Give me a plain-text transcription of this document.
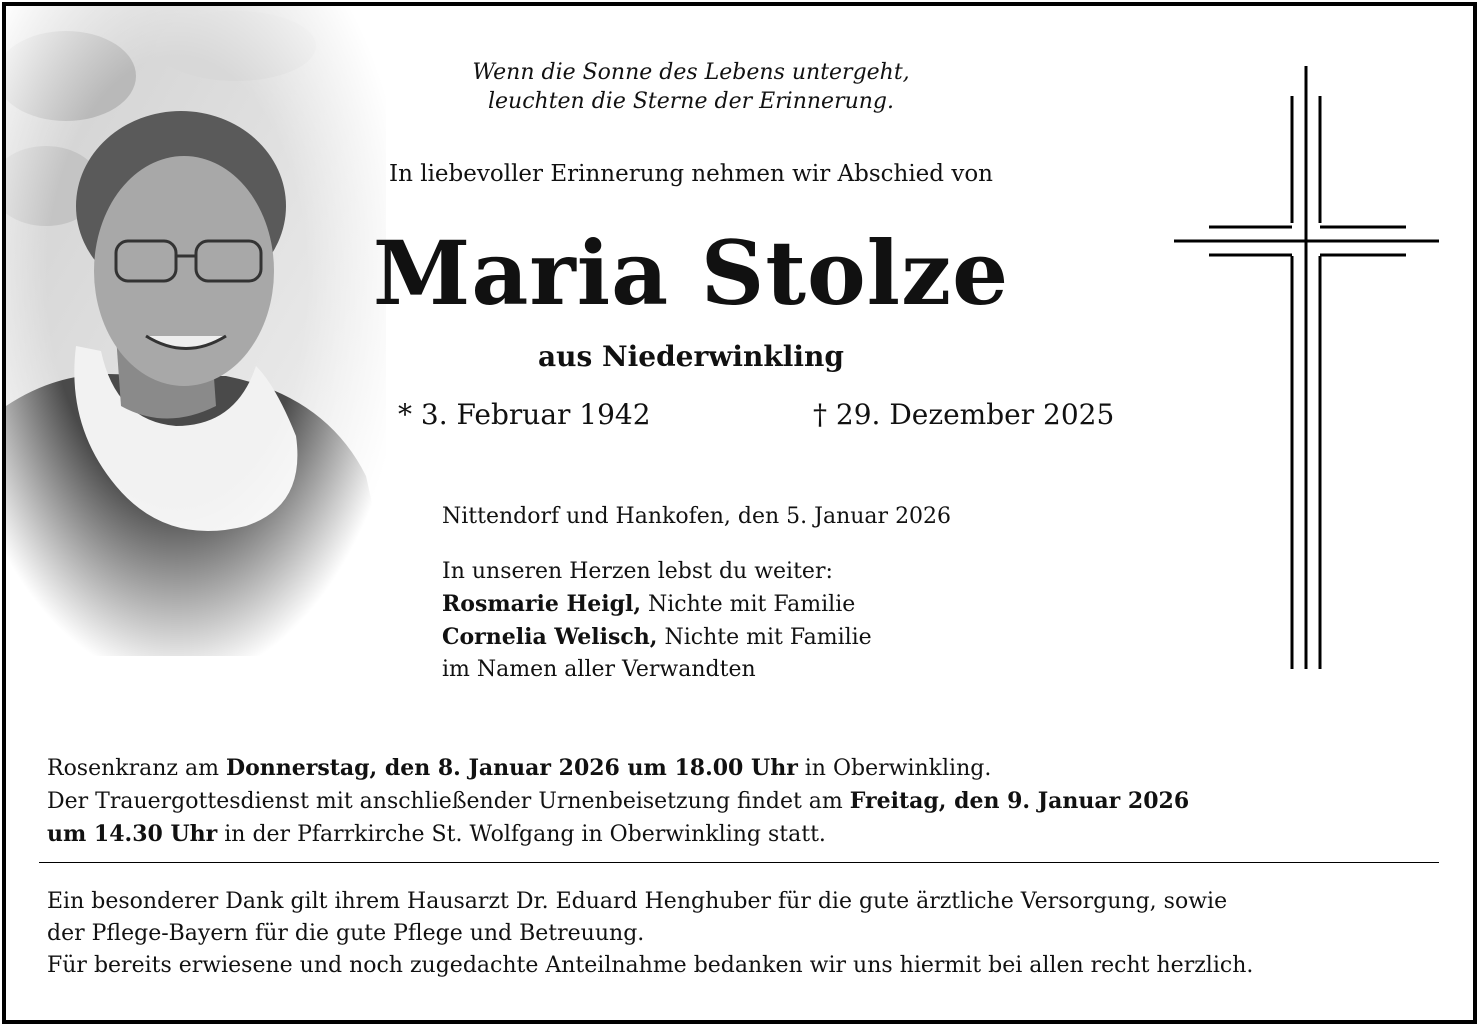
Wenn die Sonne des Lebens untergeht,
leuchten die Sterne der Erinnerung.
In liebevoller Erinnerung nehmen wir Abschied von
Maria Stolze
aus Niederwinkling
* 3. Februar 1942	† 29. Dezember 2025
Nittendorf und Hankofen, den 5. Januar 2026
In unseren Herzen lebst du weiter:
Rosmarie Heigl, Nichte mit Familie
Cornelia Welisch, Nichte mit Familie
im Namen aller Verwandten
Rosenkranz am Donnerstag, den 8. Januar 2026 um 18.00 Uhr in Oberwinkling.
Der Trauergottesdienst mit anschließender Urnenbeisetzung findet am Freitag, den 9. Januar 2026
um 14.30 Uhr in der Pfarrkirche St. Wolfgang in Oberwinkling statt.
Ein besonderer Dank gilt ihrem Hausarzt Dr. Eduard Henghuber für die gute ärztliche Versorgung, sowie
der Pflege-Bayern für die gute Pflege und Betreuung.
Für bereits erwiesene und noch zugedachte Anteilnahme bedanken wir uns hiermit bei allen recht herzlich.
